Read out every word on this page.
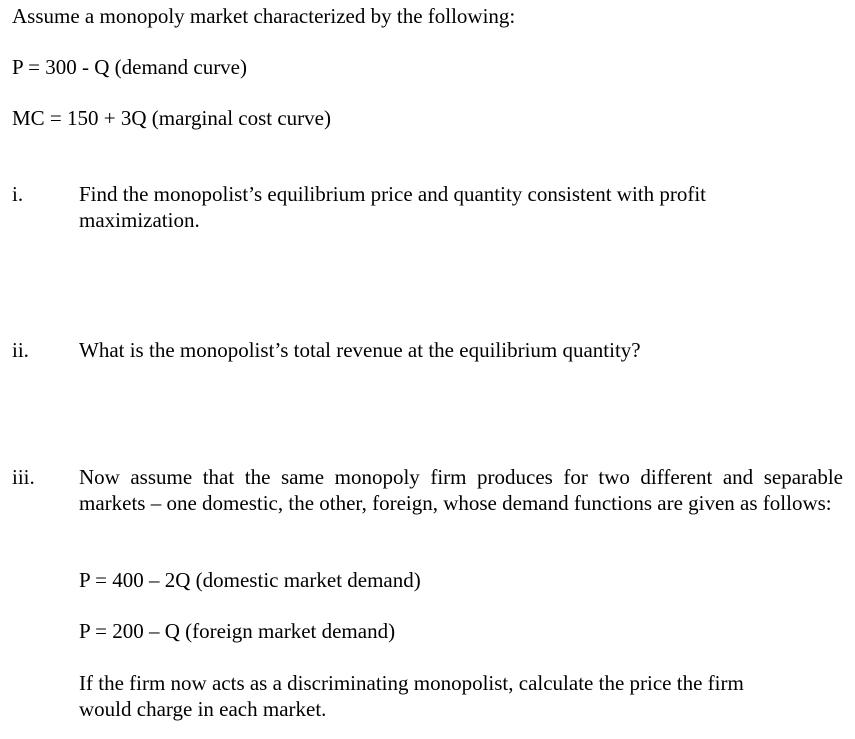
Assume a monopoly market characterized by the following:
P = 300 - Q (demand curve)
MC = 150 + 3Q (marginal cost curve)
i.	Find the monopolist’s equilibrium price and quantity consistent with profit maximization.
ii. What is the monopolist’s total revenue at the equilibrium quantity?
iii. Now assume that the same monopoly firm produces for two different and separable markets – one domestic, the other, foreign, whose demand functions are given as follows:
P = 400 – 2Q (domestic market demand)
P = 200 – Q (foreign market demand)
If the firm now acts as a discriminating monopolist, calculate the price the firm would charge in each market.
